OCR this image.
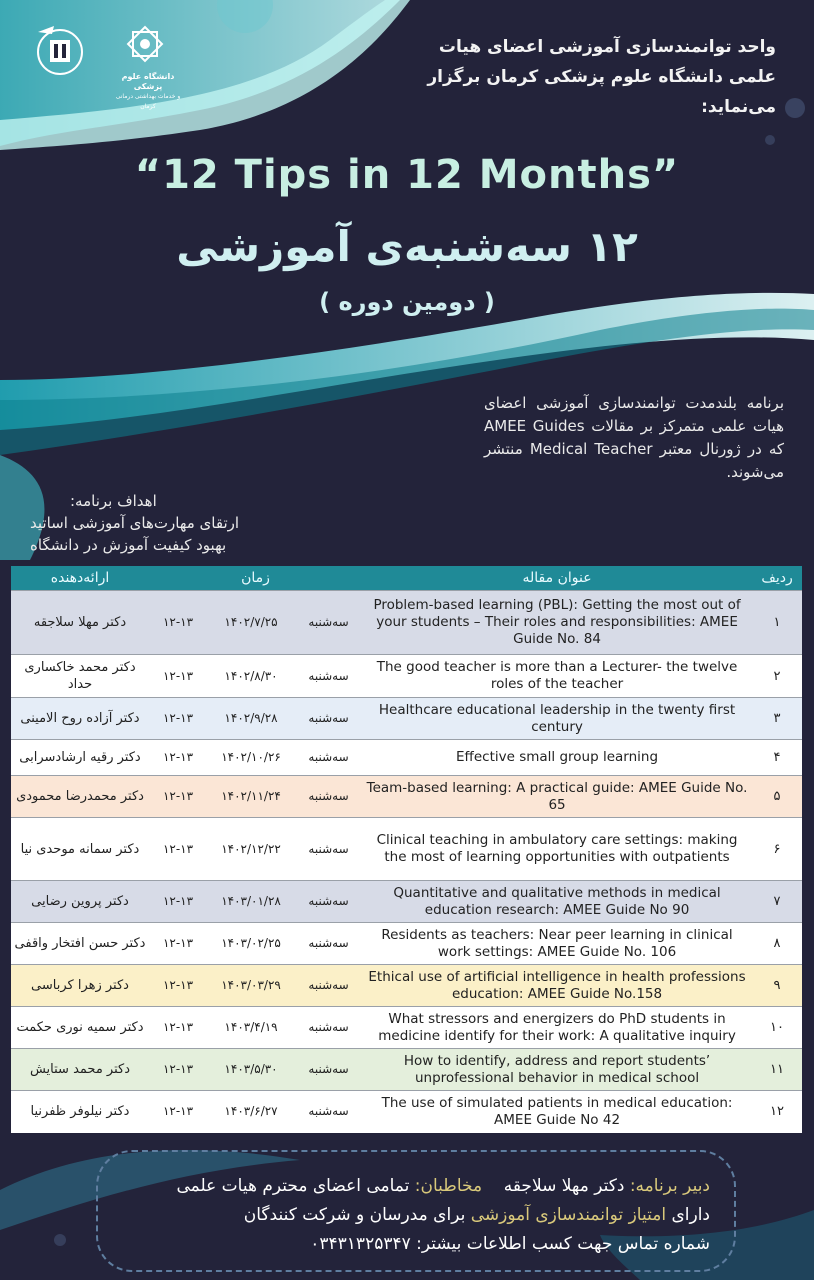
دانشگاه علوم پزشکی
و خدمات بهداشتی درمانی کرمان
واحد توانمندسازی آموزشی اعضای هیات
علمی دانشگاه علوم پزشکی کرمان برگزار می‌نماید:
“12 Tips in 12 Months”
۱۲ سه‌شنبه‌ی آموزشی
( دومین دوره )
برنامه بلندمدت توانمندسازی آموزشی اعضای هیات علمی متمرکز بر مقالات AMEE Guides که در ژورنال معتبر Medical Teacher منتشر می‌شوند.
اهداف برنامه:
ارتقای مهارت‌های آموزشی اساتید
بهبود کیفیت آموزش در دانشگاه
ردیف	عنوان مقاله	زمان			ارائه‌دهنده
۱	Problem-based learning (PBL): Getting the most out of your students – Their roles and responsibilities: AMEE Guide No. 84	سه‌شنبه	۱۴۰۲/۷/۲۵	۱۲-۱۳	دکتر مهلا سلاجقه
۲	The good teacher is more than a Lecturer- the twelve roles of the teacher	سه‌شنبه	۱۴۰۲/۸/۳۰	۱۲-۱۳	دکتر محمد خاکساری حداد
۳	Healthcare educational leadership in the twenty first century	سه‌شنبه	۱۴۰۲/۹/۲۸	۱۲-۱۳	دکتر آزاده روح الامینی
۴	Effective small group learning	سه‌شنبه	۱۴۰۲/۱۰/۲۶	۱۲-۱۳	دکتر رقیه ارشادسرابی
۵	Team-based learning: A practical guide: AMEE Guide No. 65	سه‌شنبه	۱۴۰۲/۱۱/۲۴	۱۲-۱۳	دکتر محمدرضا محمودی
۶	Clinical teaching in ambulatory care settings: making the most of learning opportunities with outpatients	سه‌شنبه	۱۴۰۲/۱۲/۲۲	۱۲-۱۳	دکتر سمانه موحدی نیا
۷	Quantitative and qualitative methods in medical education research: AMEE Guide No 90	سه‌شنبه	۱۴۰۳/۰۱/۲۸	۱۲-۱۳	دکتر پروین رضایی
۸	Residents as teachers: Near peer learning in clinical work settings: AMEE Guide No. 106	سه‌شنبه	۱۴۰۳/۰۲/۲۵	۱۲-۱۳	دکتر حسن افتخار واقفی
۹	Ethical use of artificial intelligence in health professions education: AMEE Guide No.158	سه‌شنبه	۱۴۰۳/۰۳/۲۹	۱۲-۱۳	دکتر زهرا کرباسی
۱۰	What stressors and energizers do PhD students in medicine identify for their work: A qualitative inquiry	سه‌شنبه	۱۴۰۳/۴/۱۹	۱۲-۱۳	دکتر سمیه نوری حکمت
۱۱	How to identify, address and report students’ unprofessional behavior in medical school	سه‌شنبه	۱۴۰۳/۵/۳۰	۱۲-۱۳	دکتر محمد ستایش
۱۲	The use of simulated patients in medical education: AMEE Guide No 42	سه‌شنبه	۱۴۰۳/۶/۲۷	۱۲-۱۳	دکتر نیلوفر ظفرنیا
دبیر برنامه: دکتر مهلا سلاجقه    مخاطبان: تمامی اعضای محترم هیات علمی
دارای امتیاز توانمندسازی آموزشی برای مدرسان و شرکت کنندگان
شماره تماس جهت کسب اطلاعات بیشتر: ۰۳۴۳۱۳۲۵۳۴۷
